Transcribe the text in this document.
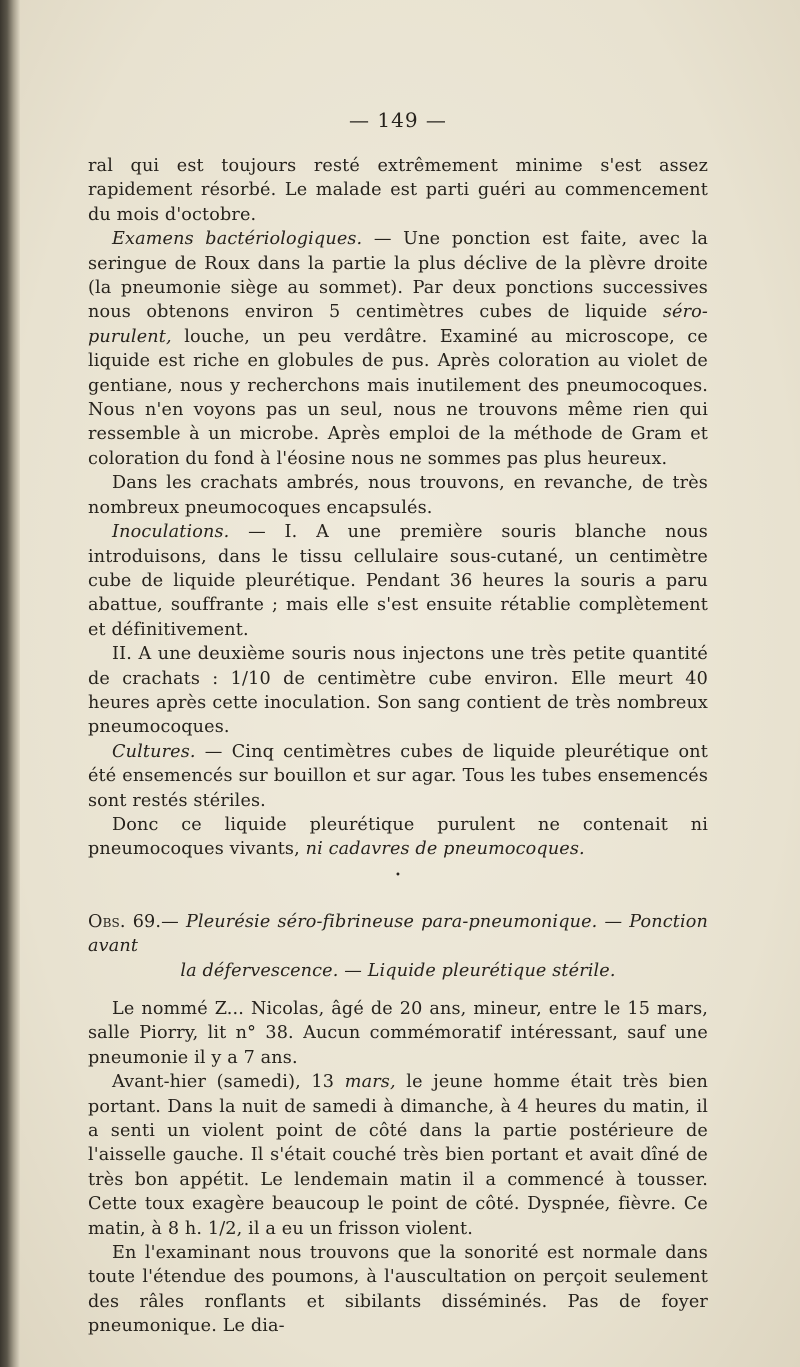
— 149 —

ral qui est toujours resté extrêmement minime s'est assez rapidement résorbé. Le malade est parti guéri au commencement du mois d'octobre.

Examens bactériologiques. — Une ponction est faite, avec la seringue de Roux dans la partie la plus déclive de la plèvre droite (la pneumonie siège au sommet). Par deux ponctions successives nous obtenons environ 5 centimètres cubes de liquide séro-purulent, louche, un peu verdâtre. Examiné au microscope, ce liquide est riche en globules de pus. Après coloration au violet de gentiane, nous y recherchons mais inutilement des pneumocoques. Nous n'en voyons pas un seul, nous ne trouvons même rien qui ressemble à un microbe. Après emploi de la méthode de Gram et coloration du fond à l'éosine nous ne sommes pas plus heureux.

Dans les crachats ambrés, nous trouvons, en revanche, de très nombreux pneumocoques encapsulés.

Inoculations. — I. A une première souris blanche nous introduisons, dans le tissu cellulaire sous-cutané, un centimètre cube de liquide pleurétique. Pendant 36 heures la souris a paru abattue, souffrante ; mais elle s'est ensuite rétablie complètement et définitivement.

II. A une deuxième souris nous injectons une très petite quantité de crachats : 1/10 de centimètre cube environ. Elle meurt 40 heures après cette inoculation. Son sang contient de très nombreux pneumocoques.

Cultures. — Cinq centimètres cubes de liquide pleurétique ont été ensemencés sur bouillon et sur agar. Tous les tubes ensemencés sont restés stériles.

Donc ce liquide pleurétique purulent ne contenait ni pneumocoques vivants, ni cadavres de pneumocoques.

•

Obs. 69.— Pleurésie séro-fibrineuse para-pneumonique. — Ponction avant

la défervescence. — Liquide pleurétique stérile.

Le nommé Z... Nicolas, âgé de 20 ans, mineur, entre le 15 mars, salle Piorry, lit n° 38. Aucun commémoratif intéressant, sauf une pneumonie il y a 7 ans.

Avant-hier (samedi), 13 mars, le jeune homme était très bien portant. Dans la nuit de samedi à dimanche, à 4 heures du matin, il a senti un violent point de côté dans la partie postérieure de l'aisselle gauche. Il s'était couché très bien portant et avait dîné de très bon appétit. Le lendemain matin il a commencé à tousser. Cette toux exagère beaucoup le point de côté. Dyspnée, fièvre. Ce matin, à 8 h. 1/2, il a eu un frisson violent.

En l'examinant nous trouvons que la sonorité est normale dans toute l'étendue des poumons, à l'auscultation on perçoit seulement des râles ronflants et sibilants disséminés. Pas de foyer pneumonique. Le dia-
